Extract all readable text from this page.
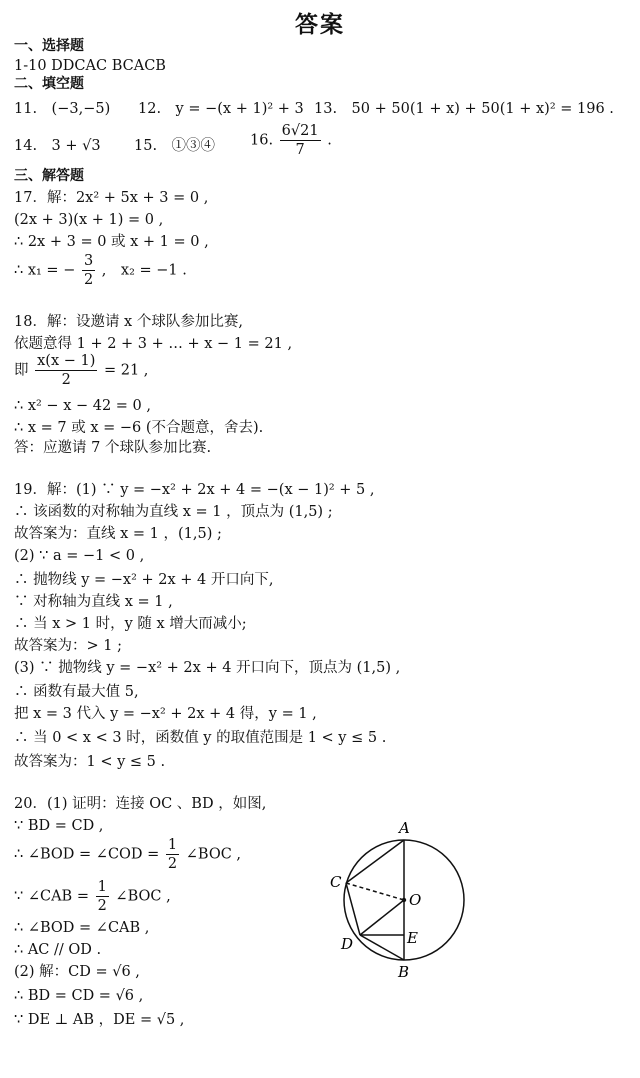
答案
一、选择题
1-10 DDCAC BCACB
二、填空题
11.　(−3,−5) 12.　y = −(x + 1)² + 3 13.　50 + 50(1 + x) + 50(1 + x)² = 196 .
14.　3 + √3 15.　①③④ 16. $\frac{6√21}{7}$ .
三、解答题
17．解：2x² + 5x + 3 = 0 ,
(2x + 3)(x + 1) = 0 ,
∴ 2x + 3 = 0 或 x + 1 = 0 ,
∴ x₁ = − $\frac{3}{2}$ ,　x₂ = −1 .
18．解：设邀请 x 个球队参加比赛,
依题意得 1 + 2 + 3 + … + x − 1 = 21 ,
即 $\frac{x(x - 1)}{2} = 21$ ,
∴ x² − x − 42 = 0 ,
∴ x = 7 或 x = −6 (不合题意，舍去).
答：应邀请 7 个球队参加比赛.
19．解：(1) ∵ y = −x² + 2x + 4 = −(x − 1)² + 5 ,
∴ 该函数的对称轴为直线 x = 1 ，顶点为 (1,5) ;
故答案为：直线 x = 1 ，(1,5) ;
(2) ∵ a = −1 < 0 ,
∴ 抛物线 y = −x² + 2x + 4 开口向下,
∵ 对称轴为直线 x = 1 ,
∴ 当 x > 1 时，y 随 x 增大而减小;
故答案为：> 1 ;
(3) ∵ 抛物线 y = −x² + 2x + 4 开口向下，顶点为 (1,5) ,
∴ 函数有最大值 5,
把 x = 3 代入 y = −x² + 2x + 4 得，y = 1 ,
∴ 当 0 < x < 3 时，函数值 y 的取值范围是 1 < y ≤ 5 .
故答案为：1 < y ≤ 5 .
20．(1) 证明：连接 OC 、BD ，如图,
∵ BD = CD ,
∴ ∠BOD = ∠COD = $\frac{1}{2}$ ∠BOC ,
∵ ∠CAB = $\frac{1}{2}$ ∠BOC ,
∴ ∠BOD = ∠CAB ,
∴ AC // OD .
(2) 解：CD = √6 ,
∴ BD = CD = √6 ,
∵ DE ⊥ AB ，DE = √5 ,
A
B
C
D	E
O
